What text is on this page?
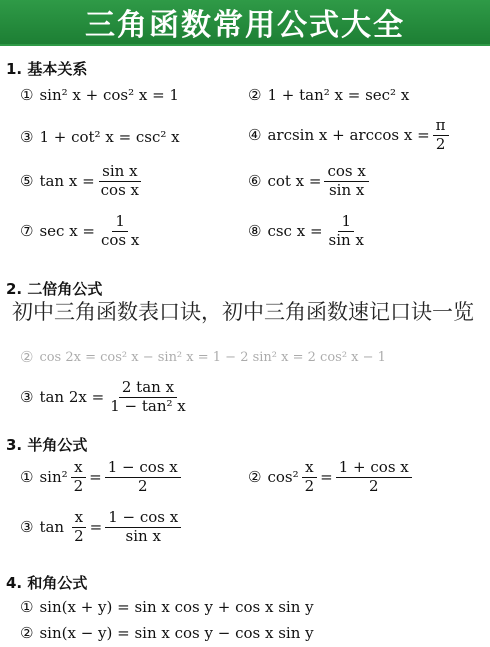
三角函数常用公式大全
1. 基本关系
① sin² x + cos² x = 1	② 1 + tan² x = sec² x
③ 1 + cot² x = csc² x	④ $\arcsin x + \arccos x = \frac{\pi}{2}$
⑤ $\tan x = \frac{\text{sin x}}{\text{cos x}}$	⑥ $\cot x = \frac{\text{cos x}}{\text{sin x}}$
⑦ $\sec x = \frac{1}{\text{cos x}}$	⑧ $\csc x = \frac{1}{\text{sin x}}$
2. 二倍角公式
② cos 2x = cos² x − sin² x = 1 − 2 sin² x = 2 cos² x − 1
③ $\tan 2x = \frac{\text{2 tan x}}{\text{1 − tan² x}}$
3. 半角公式
① $\sin^2 \frac{x}{2} = \frac{\text{1 − cos x}}{2}$	② $\cos^2 \frac{x}{2} = \frac{\text{1 + cos x}}{2}$
③ $\tan \frac{x}{2} = \frac{\text{1 − cos x}}{\text{sin x}}$
4. 和角公式
① sin(x + y) = sin x cos y + cos x sin y
② sin(x − y) = sin x cos y − cos x sin y
初中三角函数表口诀，初中三角函数速记口诀一览
